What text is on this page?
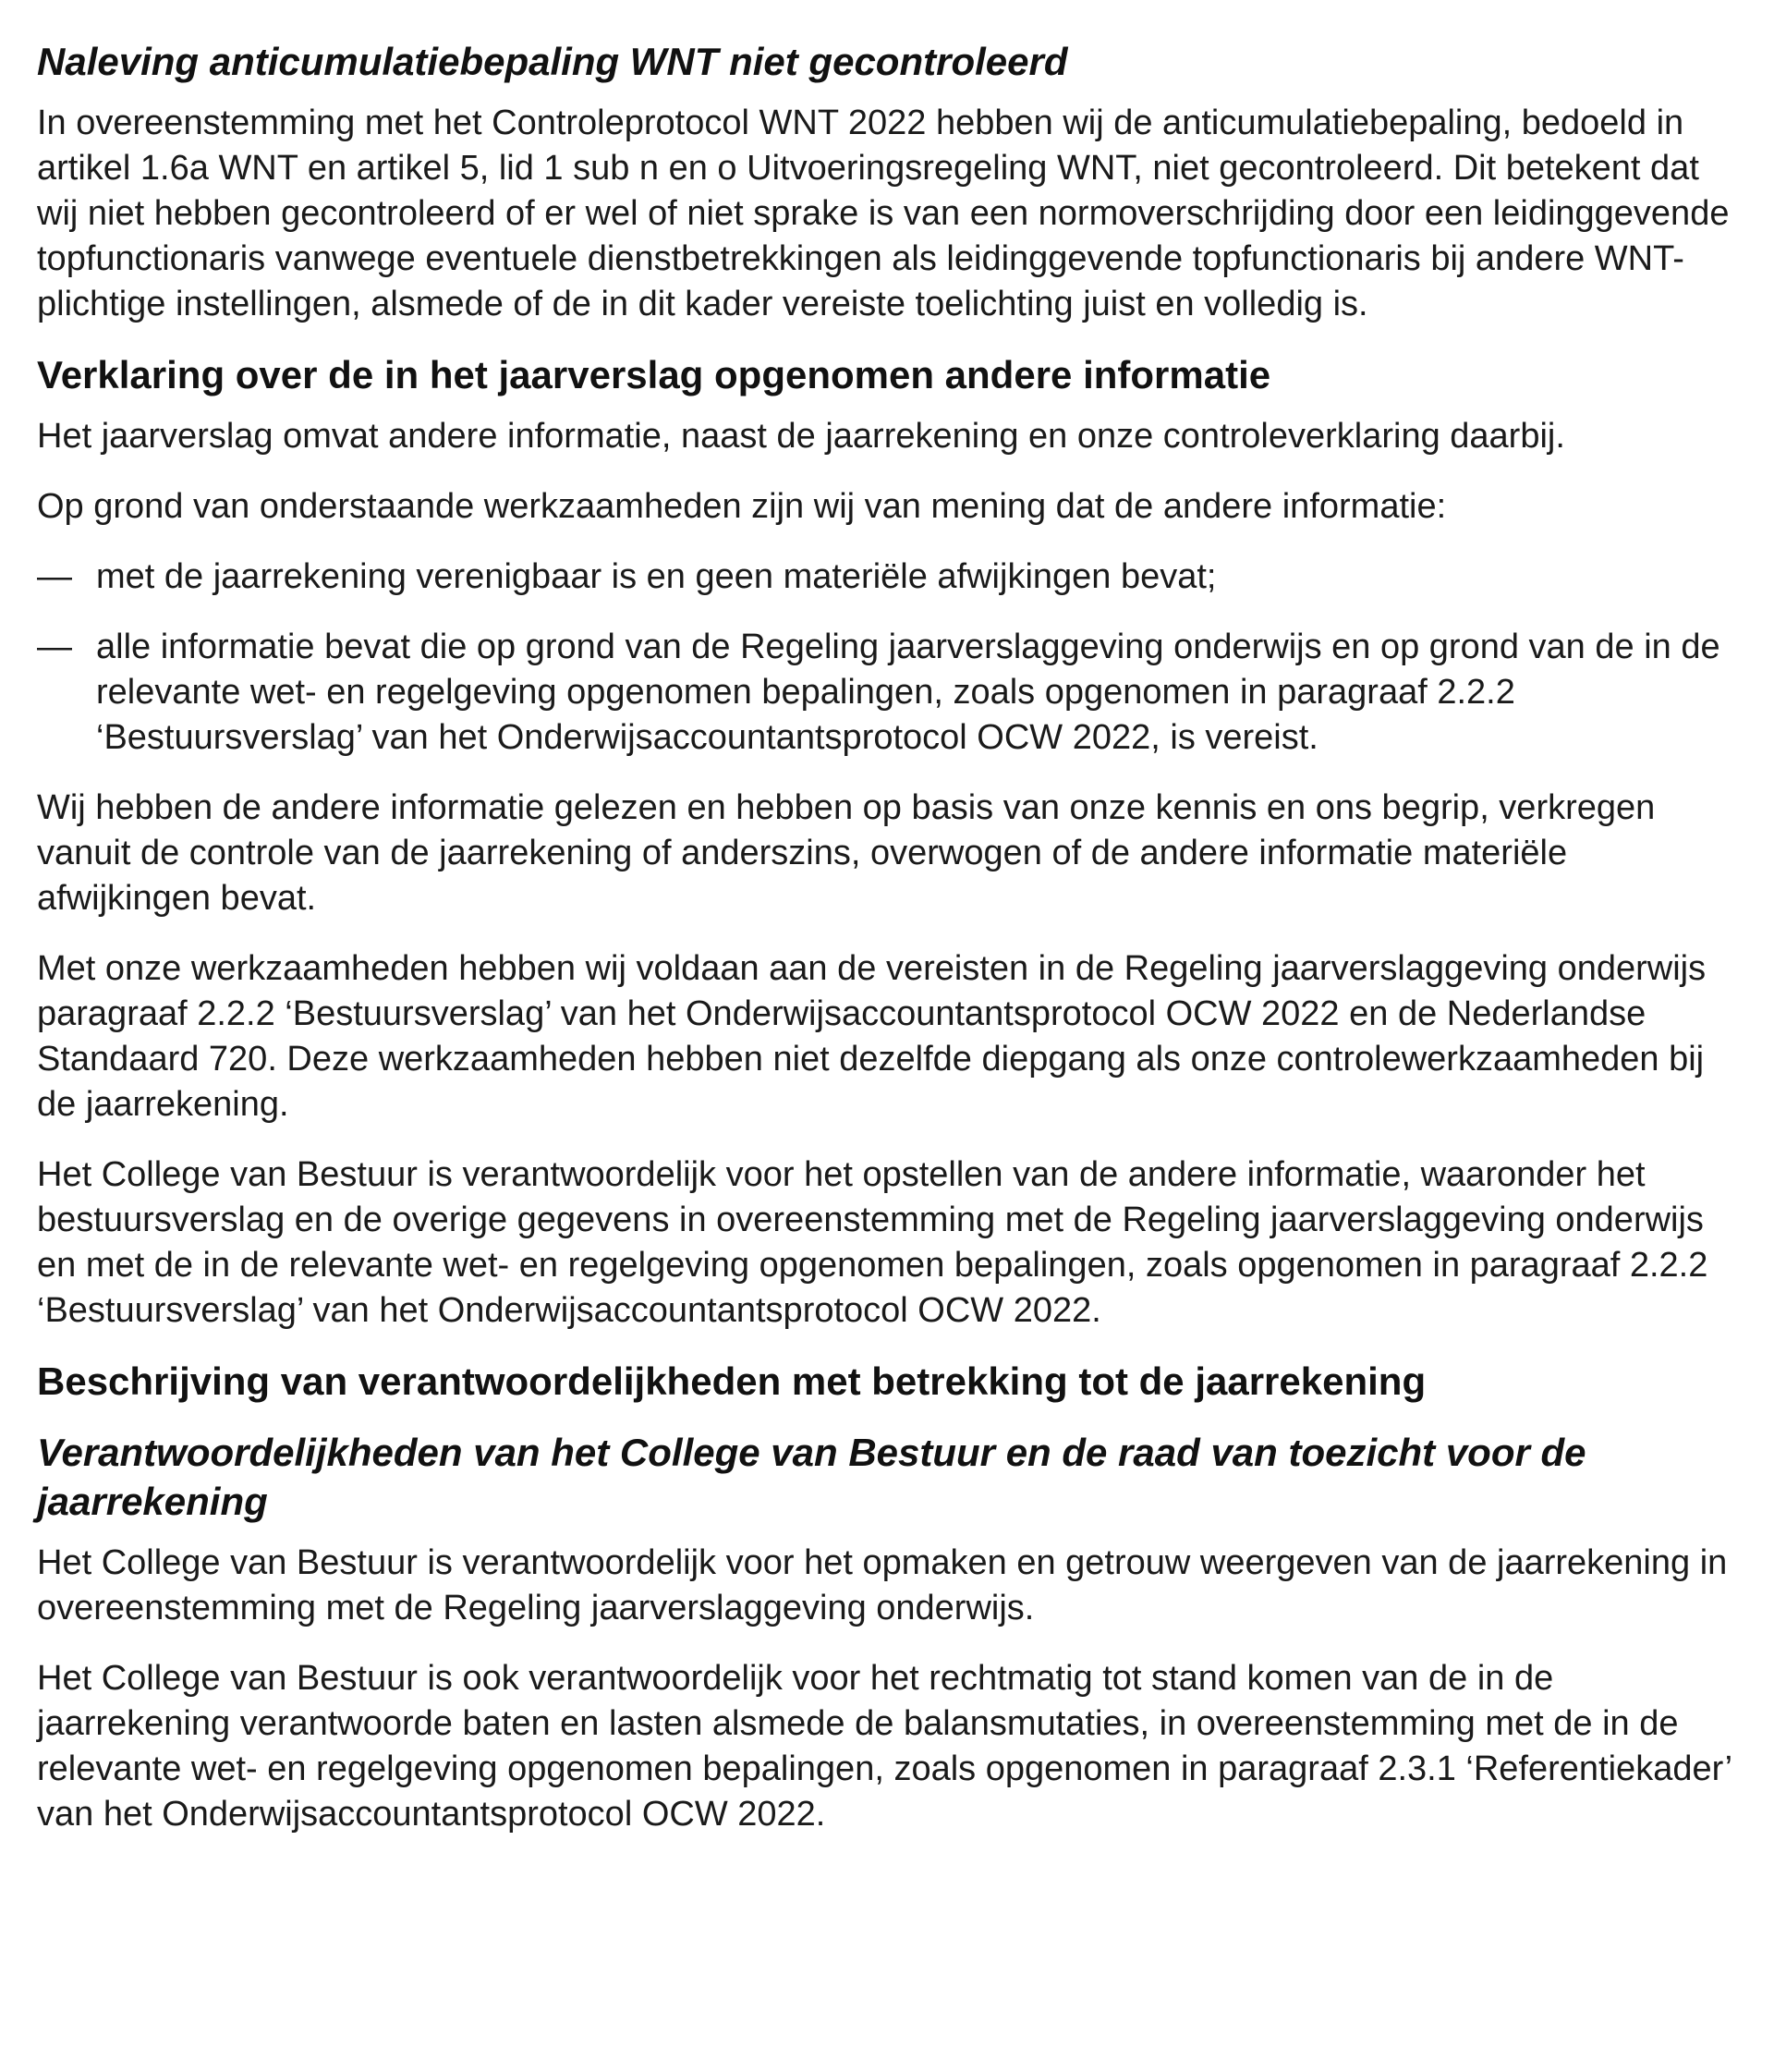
Naleving anticumulatiebepaling WNT niet gecontroleerd

In overeenstemming met het Controleprotocol WNT 2022 hebben wij de anticumulatiebepaling, bedoeld in artikel 1.6a WNT en artikel 5, lid 1 sub n en o Uitvoeringsregeling WNT, niet gecontroleerd. Dit betekent dat wij niet hebben gecontroleerd of er wel of niet sprake is van een normoverschrijding door een leidinggevende topfunctionaris vanwege eventuele dienstbetrekkingen als leidinggevende topfunctionaris bij andere WNT-plichtige instellingen, alsmede of de in dit kader vereiste toelichting juist en volledig is.

Verklaring over de in het jaarverslag opgenomen andere informatie

Het jaarverslag omvat andere informatie, naast de jaarrekening en onze controleverklaring daarbij.

Op grond van onderstaande werkzaamheden zijn wij van mening dat de andere informatie:

— met de jaarrekening verenigbaar is en geen materiële afwijkingen bevat;
— alle informatie bevat die op grond van de Regeling jaarverslaggeving onderwijs en op grond van de in de relevante wet- en regelgeving opgenomen bepalingen, zoals opgenomen in paragraaf 2.2.2 ‘Bestuursverslag’ van het Onderwijsaccountantsprotocol OCW 2022, is vereist.

Wij hebben de andere informatie gelezen en hebben op basis van onze kennis en ons begrip, verkregen vanuit de controle van de jaarrekening of anderszins, overwogen of de andere informatie materiële afwijkingen bevat.

Met onze werkzaamheden hebben wij voldaan aan de vereisten in de Regeling jaarverslaggeving onderwijs paragraaf 2.2.2 ‘Bestuursverslag’ van het Onderwijsaccountantsprotocol OCW 2022 en de Nederlandse Standaard 720. Deze werkzaamheden hebben niet dezelfde diepgang als onze controlewerkzaamheden bij de jaarrekening.

Het College van Bestuur is verantwoordelijk voor het opstellen van de andere informatie, waaronder het bestuursverslag en de overige gegevens in overeenstemming met de Regeling jaarverslaggeving onderwijs en met de in de relevante wet- en regelgeving opgenomen bepalingen, zoals opgenomen in paragraaf 2.2.2 ‘Bestuursverslag’ van het Onderwijsaccountantsprotocol OCW 2022.

Beschrijving van verantwoordelijkheden met betrekking tot de jaarrekening
Verantwoordelijkheden van het College van Bestuur en de raad van toezicht voor de jaarrekening

Het College van Bestuur is verantwoordelijk voor het opmaken en getrouw weergeven van de jaarrekening in overeenstemming met de Regeling jaarverslaggeving onderwijs.

Het College van Bestuur is ook verantwoordelijk voor het rechtmatig tot stand komen van de in de jaarrekening verantwoorde baten en lasten alsmede de balansmutaties, in overeenstemming met de in de relevante wet- en regelgeving opgenomen bepalingen, zoals opgenomen in paragraaf 2.3.1 ‘Referentiekader’ van het Onderwijsaccountantsprotocol OCW 2022.
